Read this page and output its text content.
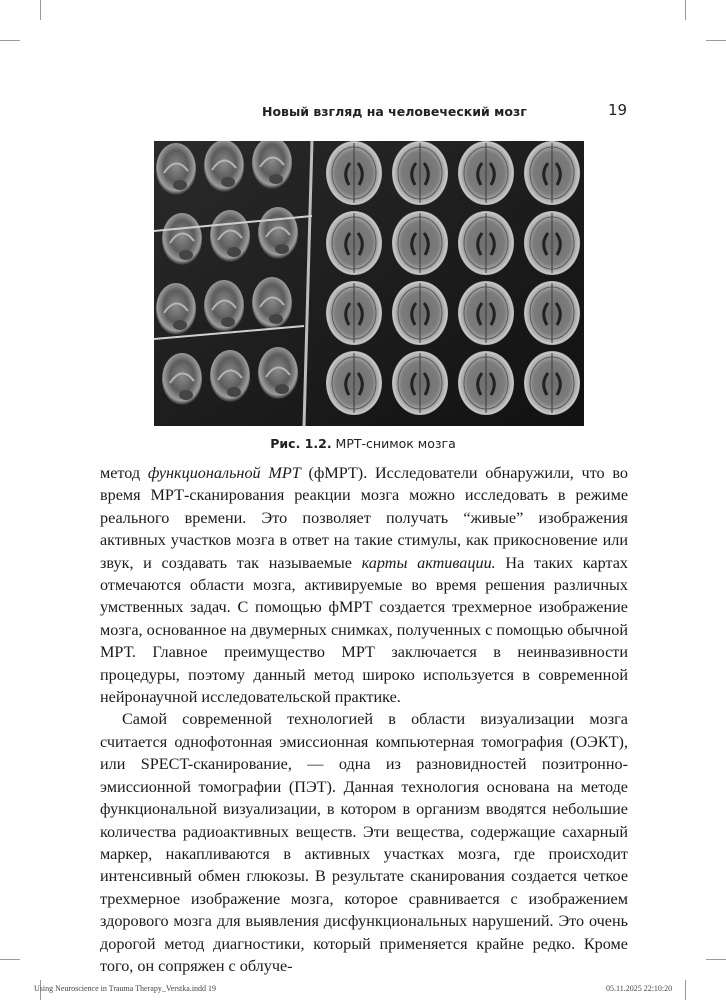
Новый взгляд на человеческий мозг	19
Рис. 1.2. МРТ-снимок мозга

метод функциональной МРТ (фМРТ). Исследователи обнаружили, что во время МРТ-сканирования реакции мозга можно исследовать в режиме реального времени. Это позволяет получать “живые” изображения активных участков мозга в ответ на такие стимулы, как прикосновение или звук, и создавать так называемые карты активации. На таких картах отмечаются области мозга, активируемые во время решения различных умственных задач. С помощью фМРТ создается трехмерное изображение мозга, основанное на двумерных снимках, полученных с помощью обычной МРТ. Главное преимущество МРТ заключается в неинвазивности процедуры, поэтому данный метод широко используется в современной нейронаучной исследовательской практике.

Самой современной технологией в области визуализации мозга считается однофотонная эмиссионная компьютерная томография (ОЭКТ), или SPECT-сканирование, — одна из разновидностей позитронно-эмиссионной томографии (ПЭТ). Данная технология основана на методе функциональной визуализации, в котором в организм вводятся небольшие количества радиоактивных веществ. Эти вещества, содержащие сахарный маркер, накапливаются в активных участках мозга, где происходит интенсивный обмен глюкозы. В результате сканирования создается четкое трехмерное изображение мозга, которое сравнивается с изображением здорового мозга для выявления дисфункциональных нарушений. Это очень дорогой метод диагностики, который применяется крайне редко. Кроме того, он сопряжен с облуче-

Using Neuroscience in Trauma Therapy_Verstka.indd 19	05.11.2025 22:10:20
